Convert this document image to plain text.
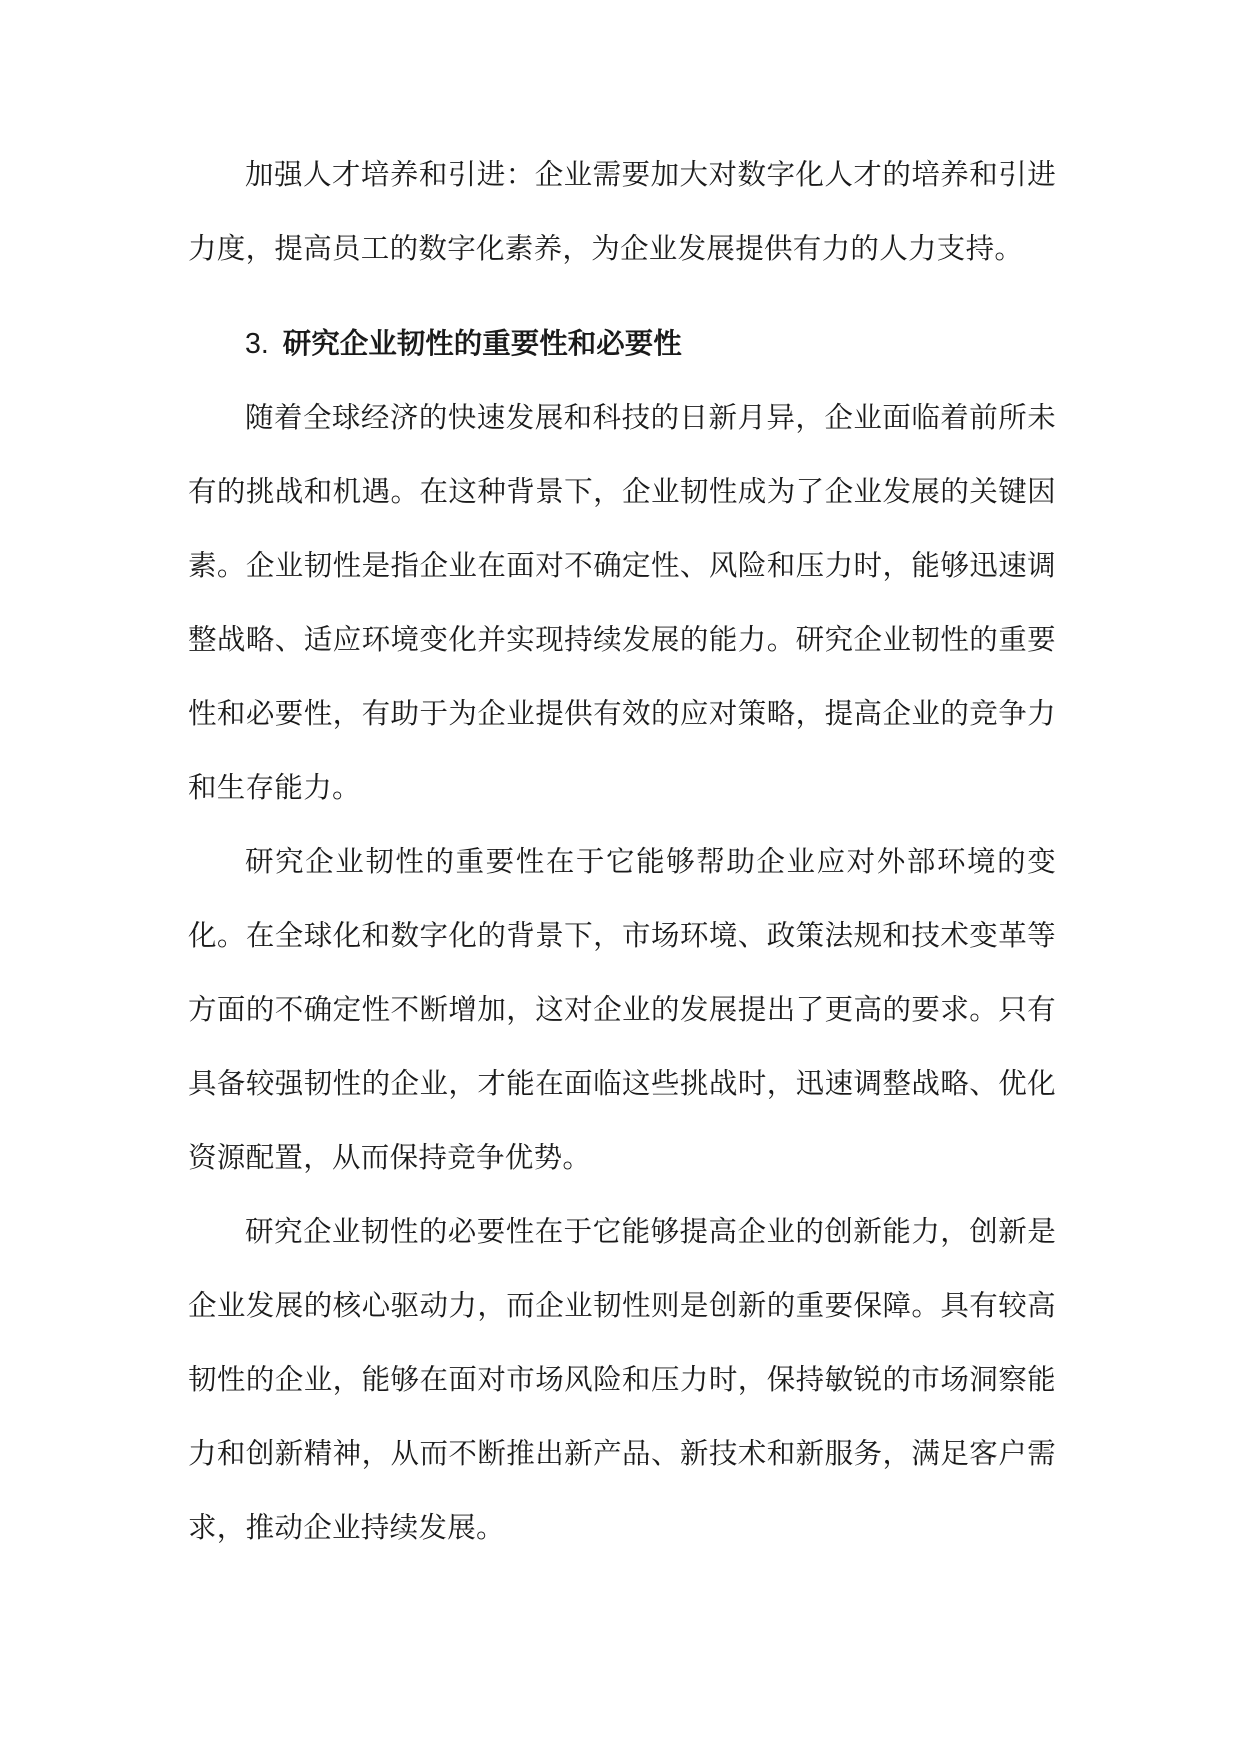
加强人才培养和引进：企业需要加大对数字化人才的培养和引进力度，提高员工的数字化素养，为企业发展提供有力的人力支持。

3. 研究企业韧性的重要性和必要性

随着全球经济的快速发展和科技的日新月异，企业面临着前所未有的挑战和机遇。在这种背景下，企业韧性成为了企业发展的关键因素。企业韧性是指企业在面对不确定性、风险和压力时，能够迅速调整战略、适应环境变化并实现持续发展的能力。研究企业韧性的重要性和必要性，有助于为企业提供有效的应对策略，提高企业的竞争力和生存能力。

研究企业韧性的重要性在于它能够帮助企业应对外部环境的变化。在全球化和数字化的背景下，市场环境、政策法规和技术变革等方面的不确定性不断增加，这对企业的发展提出了更高的要求。只有具备较强韧性的企业，才能在面临这些挑战时，迅速调整战略、优化资源配置，从而保持竞争优势。

研究企业韧性的必要性在于它能够提高企业的创新能力，创新是企业发展的核心驱动力，而企业韧性则是创新的重要保障。具有较高韧性的企业，能够在面对市场风险和压力时，保持敏锐的市场洞察能力和创新精神，从而不断推出新产品、新技术和新服务，满足客户需求，推动企业持续发展。
